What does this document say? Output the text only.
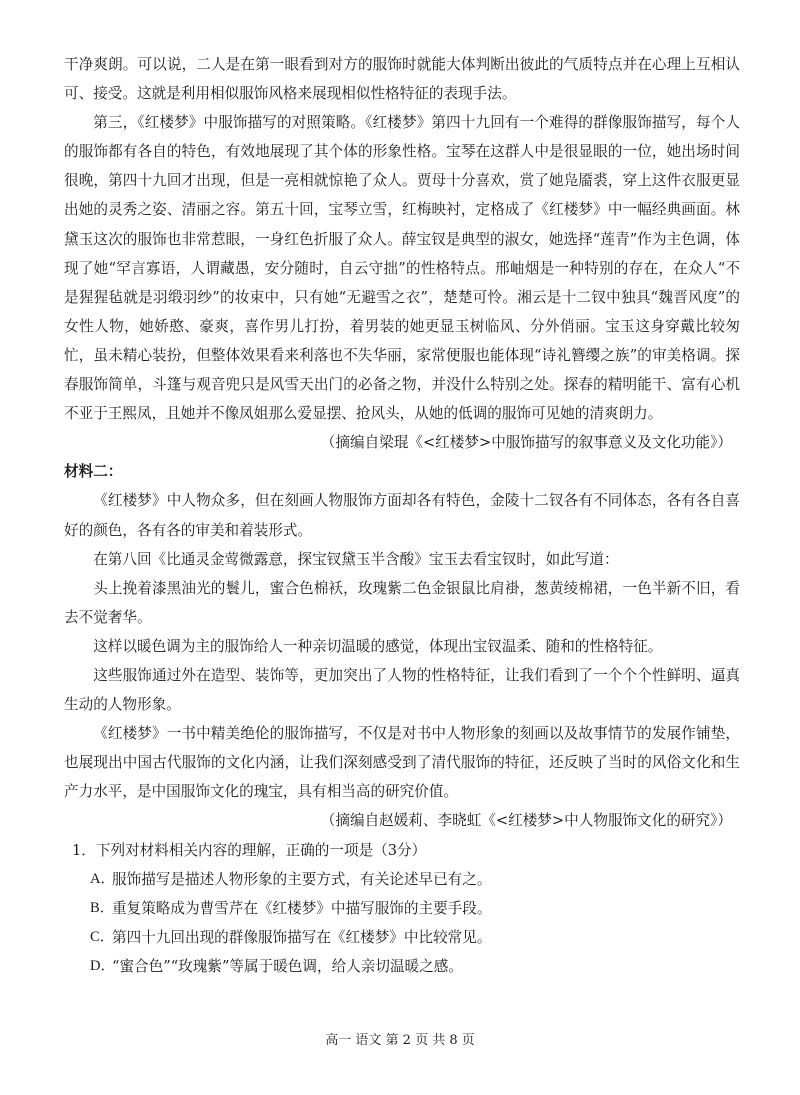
干净爽朗。可以说，二人是在第一眼看到对方的服饰时就能大体判断出彼此的气质特点并在心理上互相认可、接受。这就是利用相似服饰风格来展现相似性格特征的表现手法。

第三，《红楼梦》中服饰描写的对照策略。《红楼梦》第四十九回有一个难得的群像服饰描写，每个人的服饰都有各自的特色，有效地展现了其个体的形象性格。宝琴在这群人中是很显眼的一位，她出场时间很晚，第四十九回才出现，但是一亮相就惊艳了众人。贾母十分喜欢，赏了她凫靥裘，穿上这件衣服更显出她的灵秀之姿、清丽之容。第五十回，宝琴立雪，红梅映衬，定格成了《红楼梦》中一幅经典画面。林黛玉这次的服饰也非常惹眼，一身红色折服了众人。薛宝钗是典型的淑女，她选择“莲青”作为主色调，体现了她“罕言寡语，人谓藏愚，安分随时，自云守拙”的性格特点。邢岫烟是一种特别的存在，在众人“不是猩猩毡就是羽缎羽纱”的妆束中，只有她“无避雪之衣”，楚楚可怜。湘云是十二钗中独具“魏晋风度”的女性人物，她娇憨、豪爽，喜作男儿打扮，着男装的她更显玉树临风、分外俏丽。宝玉这身穿戴比较匆忙，虽未精心装扮，但整体效果看来利落也不失华丽，家常便服也能体现“诗礼簪缨之族”的审美格调。探春服饰简单，斗篷与观音兜只是风雪天出门的必备之物，并没什么特别之处。探春的精明能干、富有心机不亚于王熙凤，且她并不像凤姐那么爱显摆、抢风头，从她的低调的服饰可见她的清爽朗力。

（摘编自梁琨《<红楼梦>中服饰描写的叙事意义及文化功能》）

材料二：

《红楼梦》中人物众多，但在刻画人物服饰方面却各有特色，金陵十二钗各有不同体态，各有各自喜好的颜色，各有各的审美和着装形式。

在第八回《比通灵金莺微露意，探宝钗黛玉半含酸》宝玉去看宝钗时，如此写道：

头上挽着漆黑油光的鬟儿，蜜合色棉袄，玫瑰紫二色金银鼠比肩褂，葱黄绫棉裙，一色半新不旧，看去不觉奢华。

这样以暖色调为主的服饰给人一种亲切温暖的感觉，体现出宝钗温柔、随和的性格特征。

这些服饰通过外在造型、装饰等，更加突出了人物的性格特征，让我们看到了一个个个性鲜明、逼真生动的人物形象。

《红楼梦》一书中精美绝伦的服饰描写，不仅是对书中人物形象的刻画以及故事情节的发展作铺垫，也展现出中国古代服饰的文化内涵，让我们深刻感受到了清代服饰的特征，还反映了当时的风俗文化和生产力水平，是中国服饰文化的瑰宝，具有相当高的研究价值。

（摘编自赵媛莉、李晓虹《<红楼梦>中人物服饰文化的研究》）

1．下列对材料相关内容的理解，正确的一项是（3分）

A．
服饰描写是描述人物形象的主要方式，有关论述早已有之。
B．
重复策略成为曹雪芹在《红楼梦》中描写服饰的主要手段。
C．
第四十九回出现的群像服饰描写在《红楼梦》中比较常见。
D．
“蜜合色”“玫瑰紫”等属于暖色调，给人亲切温暖之感。
高一 语文 第 2 页 共 8 页
